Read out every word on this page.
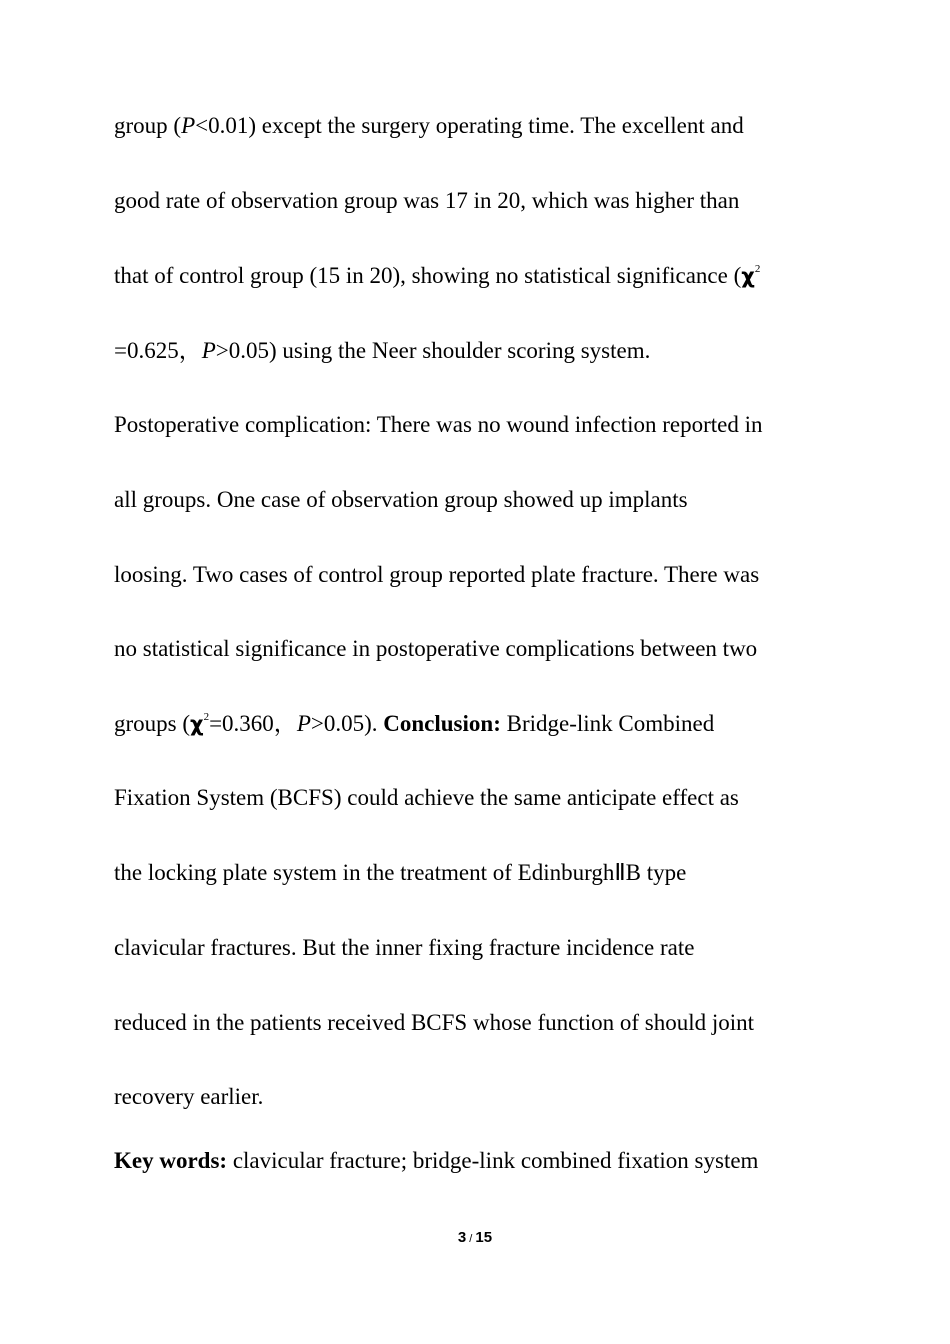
group (P<0.01) except the surgery operating time. The excellent and
good rate of observation group was 17 in 20, which was higher than
that of control group (15 in 20), showing no statistical significance ($\chi^2$
=0.625，P>0.05) using the Neer shoulder scoring system.
Postoperative complication: There was no wound infection reported in
all groups. One case of observation group showed up implants
loosing. Two cases of control group reported plate fracture. There was
no statistical significance in postoperative complications between two
groups ($\chi^2=0.360$，P>0.05). Conclusion: Bridge-link Combined
Fixation System (BCFS) could achieve the same anticipate effect as
the locking plate system in the treatment of EdinburghⅡB type
clavicular fractures. But the inner fixing fracture incidence rate
reduced in the patients received BCFS whose function of should joint
recovery earlier.
Key words: clavicular fracture; bridge-link combined fixation system
3 / 15
